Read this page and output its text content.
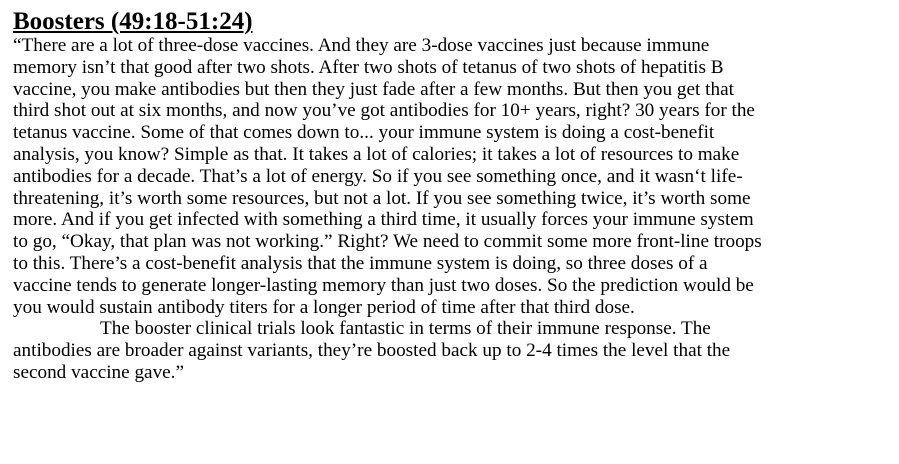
Boosters (49:18-51:24)

“There are a lot of three-dose vaccines. And they are 3-dose vaccines just because immune
memory isn’t that good after two shots. After two shots of tetanus of two shots of hepatitis B
vaccine, you make antibodies but then they just fade after a few months. But then you get that
third shot out at six months, and now you’ve got antibodies for 10+ years, right? 30 years for the
tetanus vaccine. Some of that comes down to... your immune system is doing a cost-benefit
analysis, you know? Simple as that. It takes a lot of calories; it takes a lot of resources to make
antibodies for a decade. That’s a lot of energy. So if you see something once, and it wasn‘t life-
threatening, it’s worth some resources, but not a lot. If you see something twice, it’s worth some
more. And if you get infected with something a third time, it usually forces your immune system
to go, “Okay, that plan was not working.” Right? We need to commit some more front-line troops
to this. There’s a cost-benefit analysis that the immune system is doing, so three doses of a
vaccine tends to generate longer-lasting memory than just two doses. So the prediction would be
you would sustain antibody titers for a longer period of time after that third dose.

The booster clinical trials look fantastic in terms of their immune response. The
antibodies are broader against variants, they’re boosted back up to 2-4 times the level that the
second vaccine gave.”
